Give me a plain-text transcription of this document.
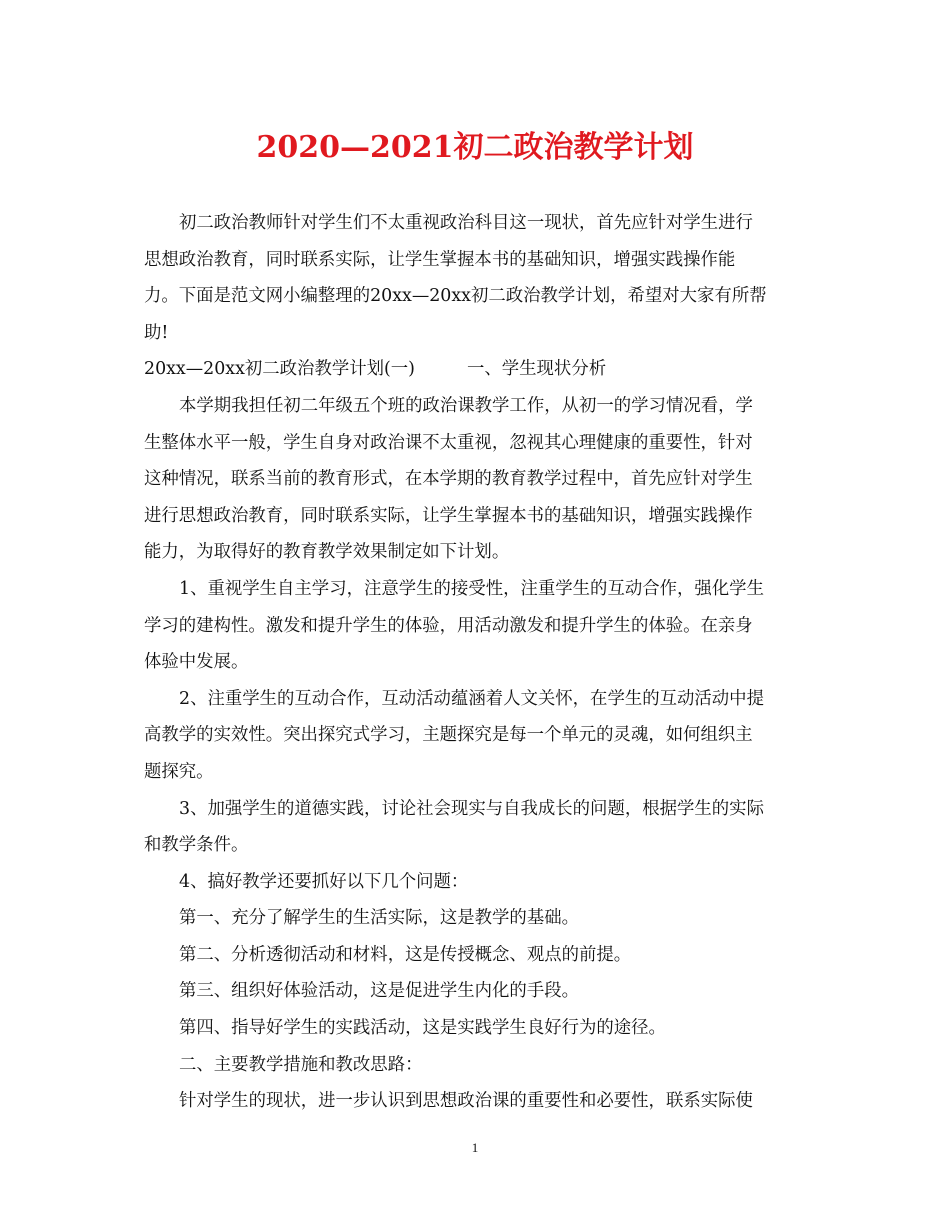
2020—2021初二政治教学计划
初二政治教师针对学生们不太重视政治科目这一现状，首先应针对学生进行
思想政治教育，同时联系实际，让学生掌握本书的基础知识，增强实践操作能
力。下面是范文网小编整理的20xx—20xx初二政治教学计划，希望对大家有所帮
助!
20xx—20xx初二政治教学计划(一)	一、学生现状分析
本学期我担任初二年级五个班的政治课教学工作，从初一的学习情况看，学
生整体水平一般，学生自身对政治课不太重视，忽视其心理健康的重要性，针对
这种情况，联系当前的教育形式，在本学期的教育教学过程中，首先应针对学生
进行思想政治教育，同时联系实际，让学生掌握本书的基础知识，增强实践操作
能力，为取得好的教育教学效果制定如下计划。
1、重视学生自主学习，注意学生的接受性，注重学生的互动合作，强化学生
学习的建构性。激发和提升学生的体验，用活动激发和提升学生的体验。在亲身
体验中发展。
2、注重学生的互动合作，互动活动蕴涵着人文关怀，在学生的互动活动中提
高教学的实效性。突出探究式学习，主题探究是每一个单元的灵魂，如何组织主
题探究。
3、加强学生的道德实践，讨论社会现实与自我成长的问题，根据学生的实际
和教学条件。
4、搞好教学还要抓好以下几个问题：
第一、充分了解学生的生活实际，这是教学的基础。
第二、分析透彻活动和材料，这是传授概念、观点的前提。
第三、组织好体验活动，这是促进学生内化的手段。
第四、指导好学生的实践活动，这是实践学生良好行为的途径。
二、主要教学措施和教改思路：
针对学生的现状，进一步认识到思想政治课的重要性和必要性，联系实际使
1
